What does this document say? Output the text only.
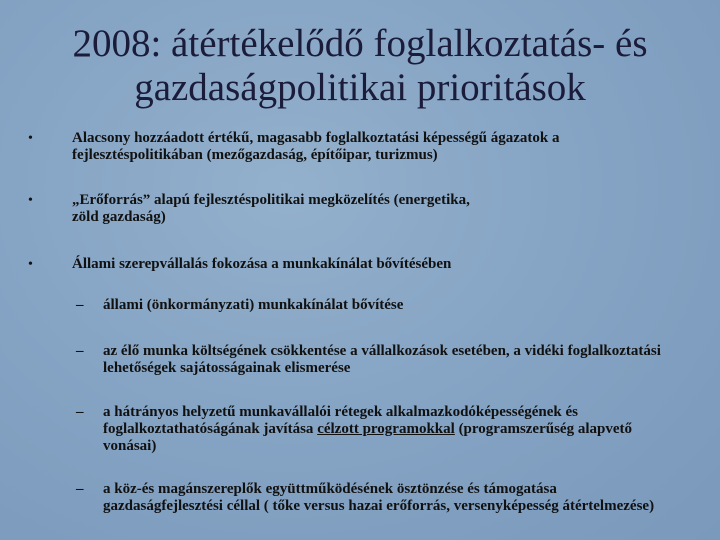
2008: átértékelődő foglalkoztatás- és gazdaságpolitikai prioritások
•	Alacsony hozzáadott értékű, magasabb foglalkoztatási képességű ágazatok a fejlesztéspolitikában (mezőgazdaság, építőipar, turizmus)
•	„Erőforrás” alapú fejlesztéspolitikai megközelítés (energetika, zöld gazdaság)
•	Állami szerepvállalás fokozása a munkakínálat bővítésében
– állami (önkormányzati) munkakínálat bővítése
– az élő munka költségének csökkentése a vállalkozások esetében, a vidéki foglalkoztatási lehetőségek sajátosságainak elismerése
– a hátrányos helyzetű munkavállalói rétegek alkalmazkodóképességének és foglalkoztathatóságának javítása célzott programokkal (programszerűség alapvető vonásai)
– a köz-és magánszereplők együttműködésének ösztönzése és támogatása gazdaságfejlesztési céllal ( tőke versus hazai erőforrás, versenyképesség átértelmezése)
